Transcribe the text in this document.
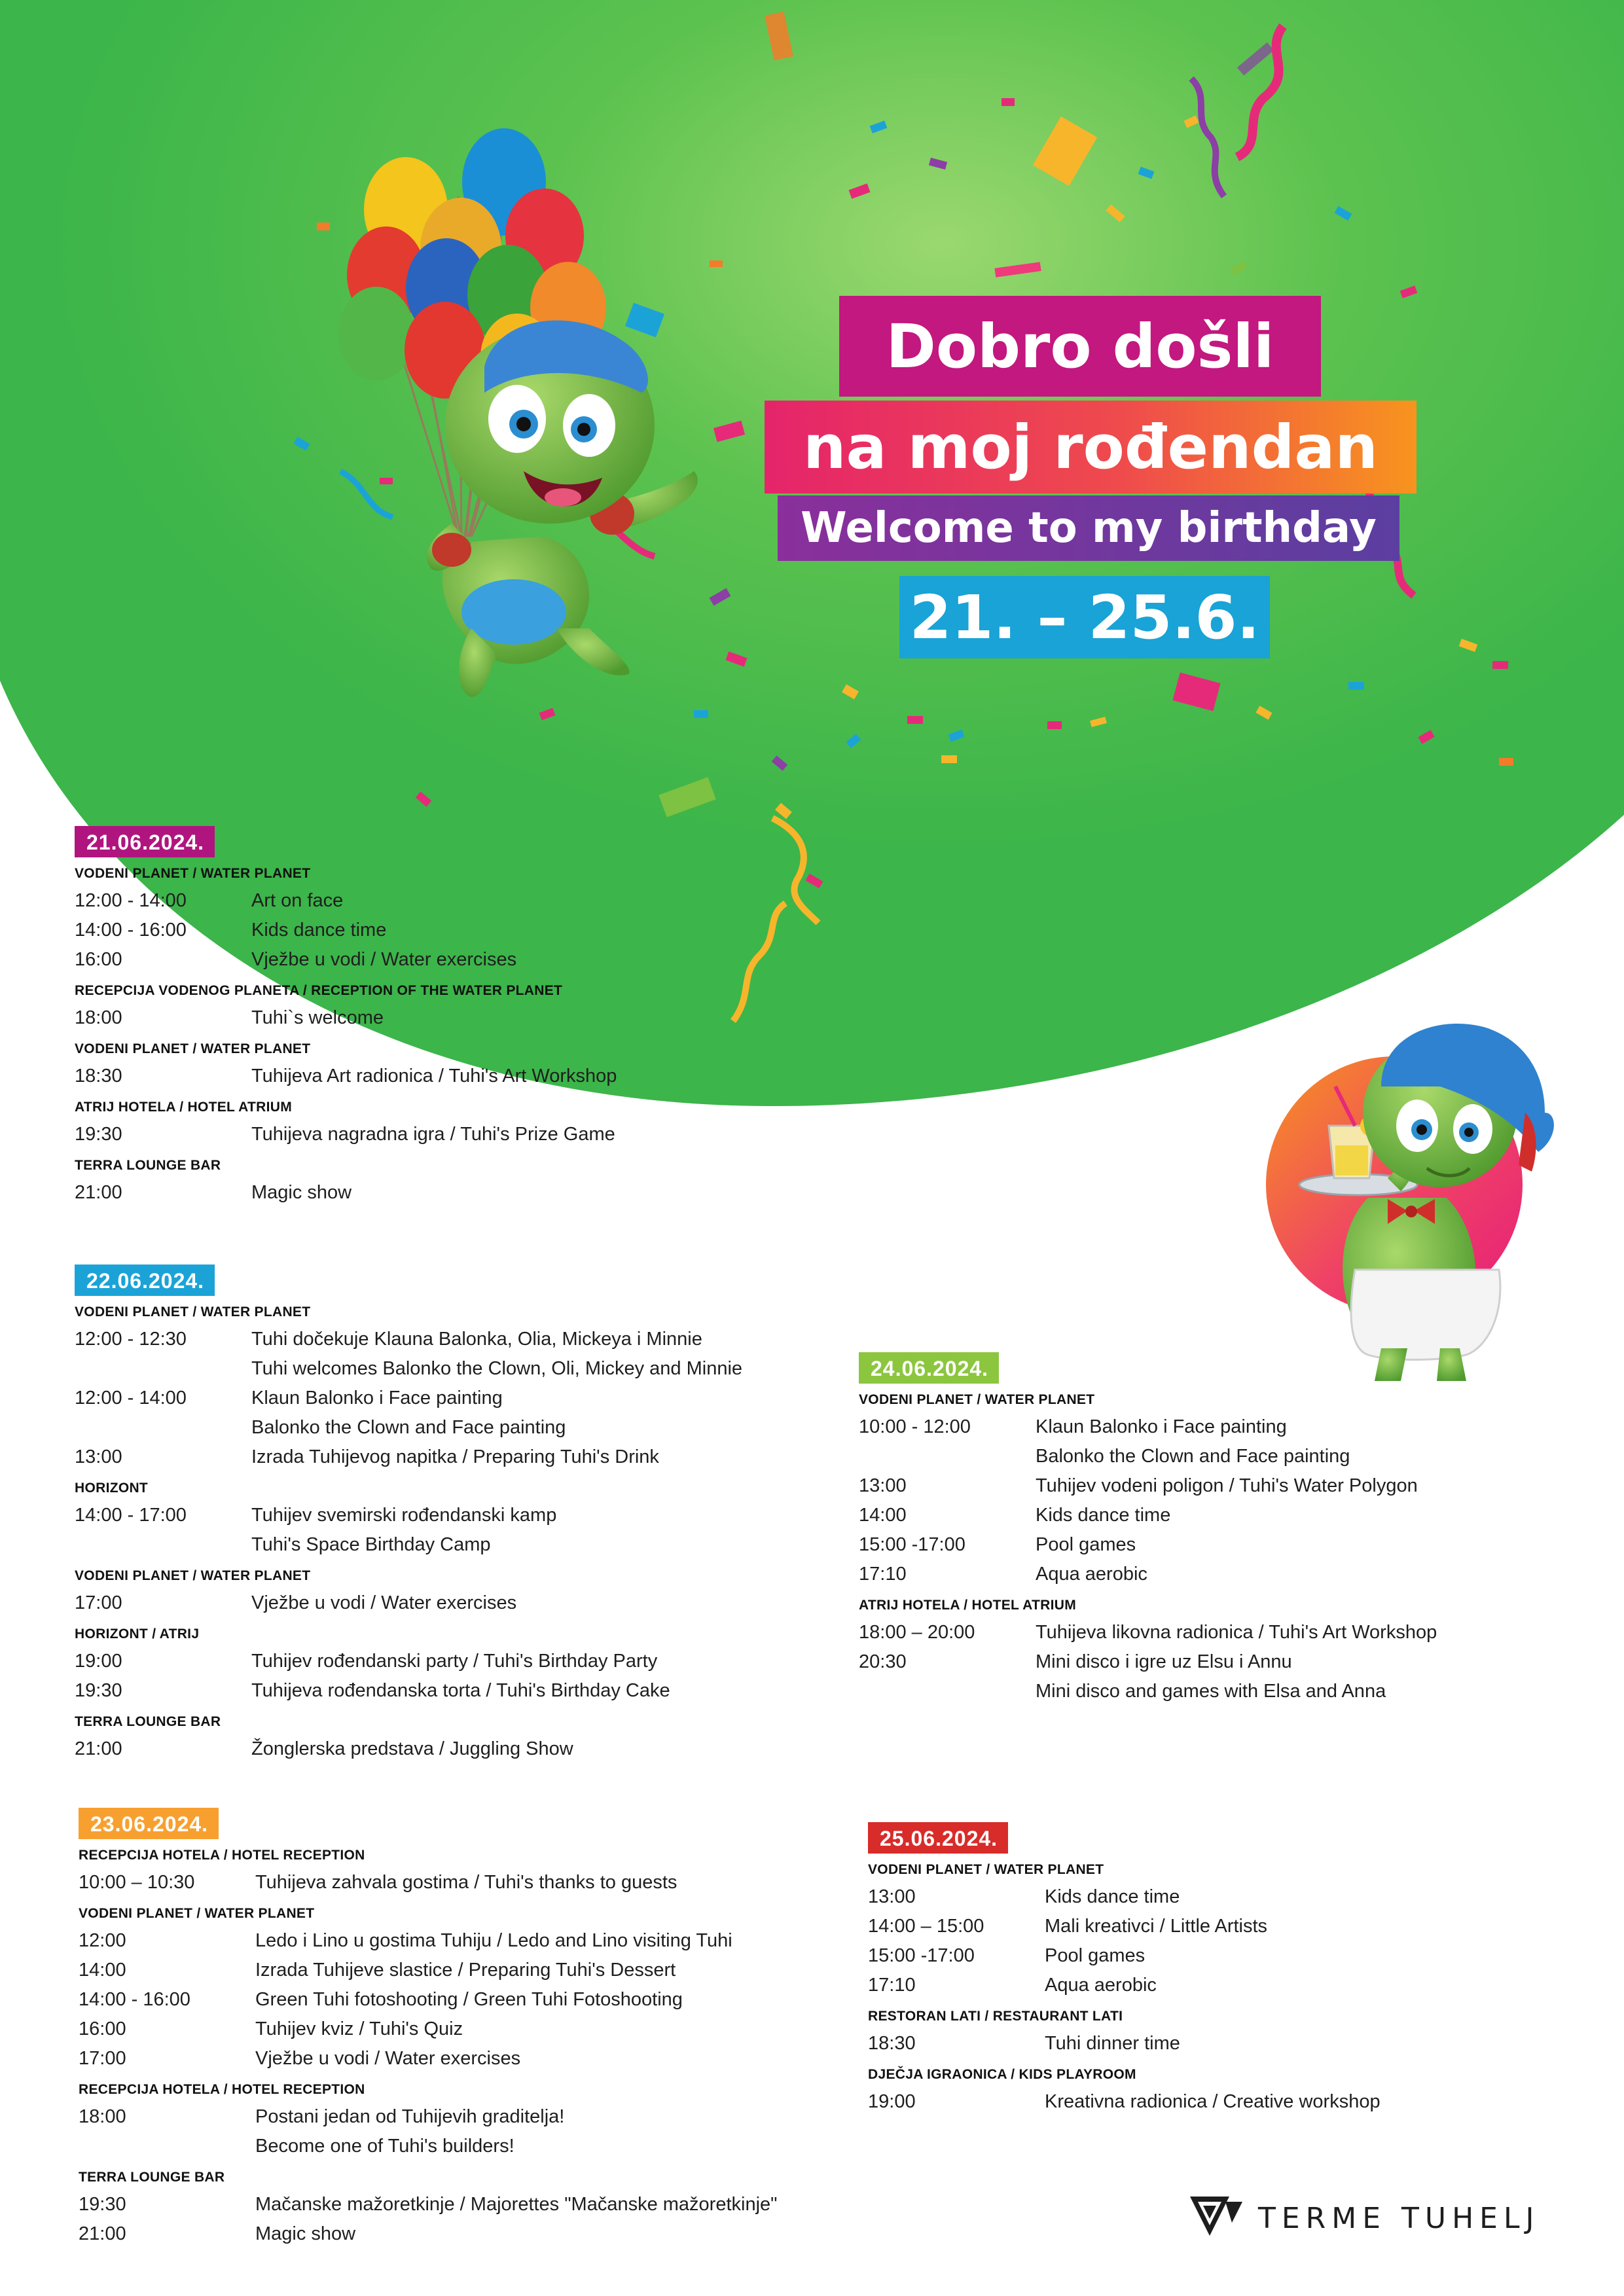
Dobro došli
na moj rođendan
Welcome to my birthday
21. – 25.6.
21.06.2024.
VODENI PLANET / WATER PLANET
12:00 - 14:00	Art on face
14:00 - 16:00	Kids dance time
16:00	Vježbe u vodi / Water exercises
RECEPCIJA VODENOG PLANETA / RECEPTION OF THE WATER PLANET
18:00	Tuhi`s welcome
VODENI PLANET / WATER PLANET
18:30	Tuhijeva Art radionica / Tuhi's Art Workshop
ATRIJ HOTELA / HOTEL ATRIUM
19:30	Tuhijeva nagradna igra / Tuhi's Prize Game
TERRA LOUNGE BAR
21:00	Magic show
22.06.2024.
VODENI PLANET / WATER PLANET
12:00 - 12:30	Tuhi dočekuje Klauna Balonka, Olia, Mickeya i Minnie
Tuhi welcomes Balonko the Clown, Oli, Mickey and Minnie
12:00 - 14:00	Klaun Balonko i Face painting
Balonko the Clown and Face painting
13:00	Izrada Tuhijevog napitka / Preparing Tuhi's Drink
HORIZONT
14:00 - 17:00	Tuhijev svemirski rođendanski kamp
Tuhi's Space Birthday Camp
VODENI PLANET / WATER PLANET
17:00	Vježbe u vodi / Water exercises
HORIZONT / ATRIJ
19:00	Tuhijev rođendanski party / Tuhi's Birthday Party
19:30	Tuhijeva rođendanska torta / Tuhi's Birthday Cake
TERRA LOUNGE BAR
21:00	Žonglerska predstava / Juggling Show
23.06.2024.
RECEPCIJA HOTELA / HOTEL RECEPTION
10:00 – 10:30	Tuhijeva zahvala gostima / Tuhi's thanks to guests
VODENI PLANET / WATER PLANET
12:00	Ledo i Lino u gostima Tuhiju / Ledo and Lino visiting Tuhi
14:00	Izrada Tuhijeve slastice / Preparing Tuhi's Dessert
14:00 - 16:00	Green Tuhi fotoshooting / Green Tuhi Fotoshooting
16:00	Tuhijev kviz / Tuhi's Quiz
17:00	Vježbe u vodi / Water exercises
RECEPCIJA HOTELA / HOTEL RECEPTION
18:00	Postani jedan od Tuhijevih graditelja!
Become one of Tuhi's builders!
TERRA LOUNGE BAR
19:30	Mačanske mažoretkinje / Majorettes "Mačanske mažoretkinje"
21:00	Magic show
24.06.2024.
VODENI PLANET / WATER PLANET
10:00 - 12:00	Klaun Balonko i Face painting
Balonko the Clown and Face painting
13:00	Tuhijev vodeni poligon / Tuhi's Water Polygon
14:00	Kids dance time
15:00 -17:00	Pool games
17:10	Aqua aerobic
ATRIJ HOTELA / HOTEL ATRIUM
18:00 – 20:00	Tuhijeva likovna radionica / Tuhi's Art Workshop
20:30	Mini disco i igre uz Elsu i Annu
Mini disco and games with Elsa and Anna
25.06.2024.
VODENI PLANET / WATER PLANET
13:00	Kids dance time
14:00 – 15:00	Mali kreativci / Little Artists
15:00 -17:00	Pool games
17:10	Aqua aerobic
RESTORAN LATI / RESTAURANT LATI
18:30	Tuhi dinner time
DJEČJA IGRAONICA / KIDS PLAYROOM
19:00	Kreativna radionica / Creative workshop
TERME TUHELJ
